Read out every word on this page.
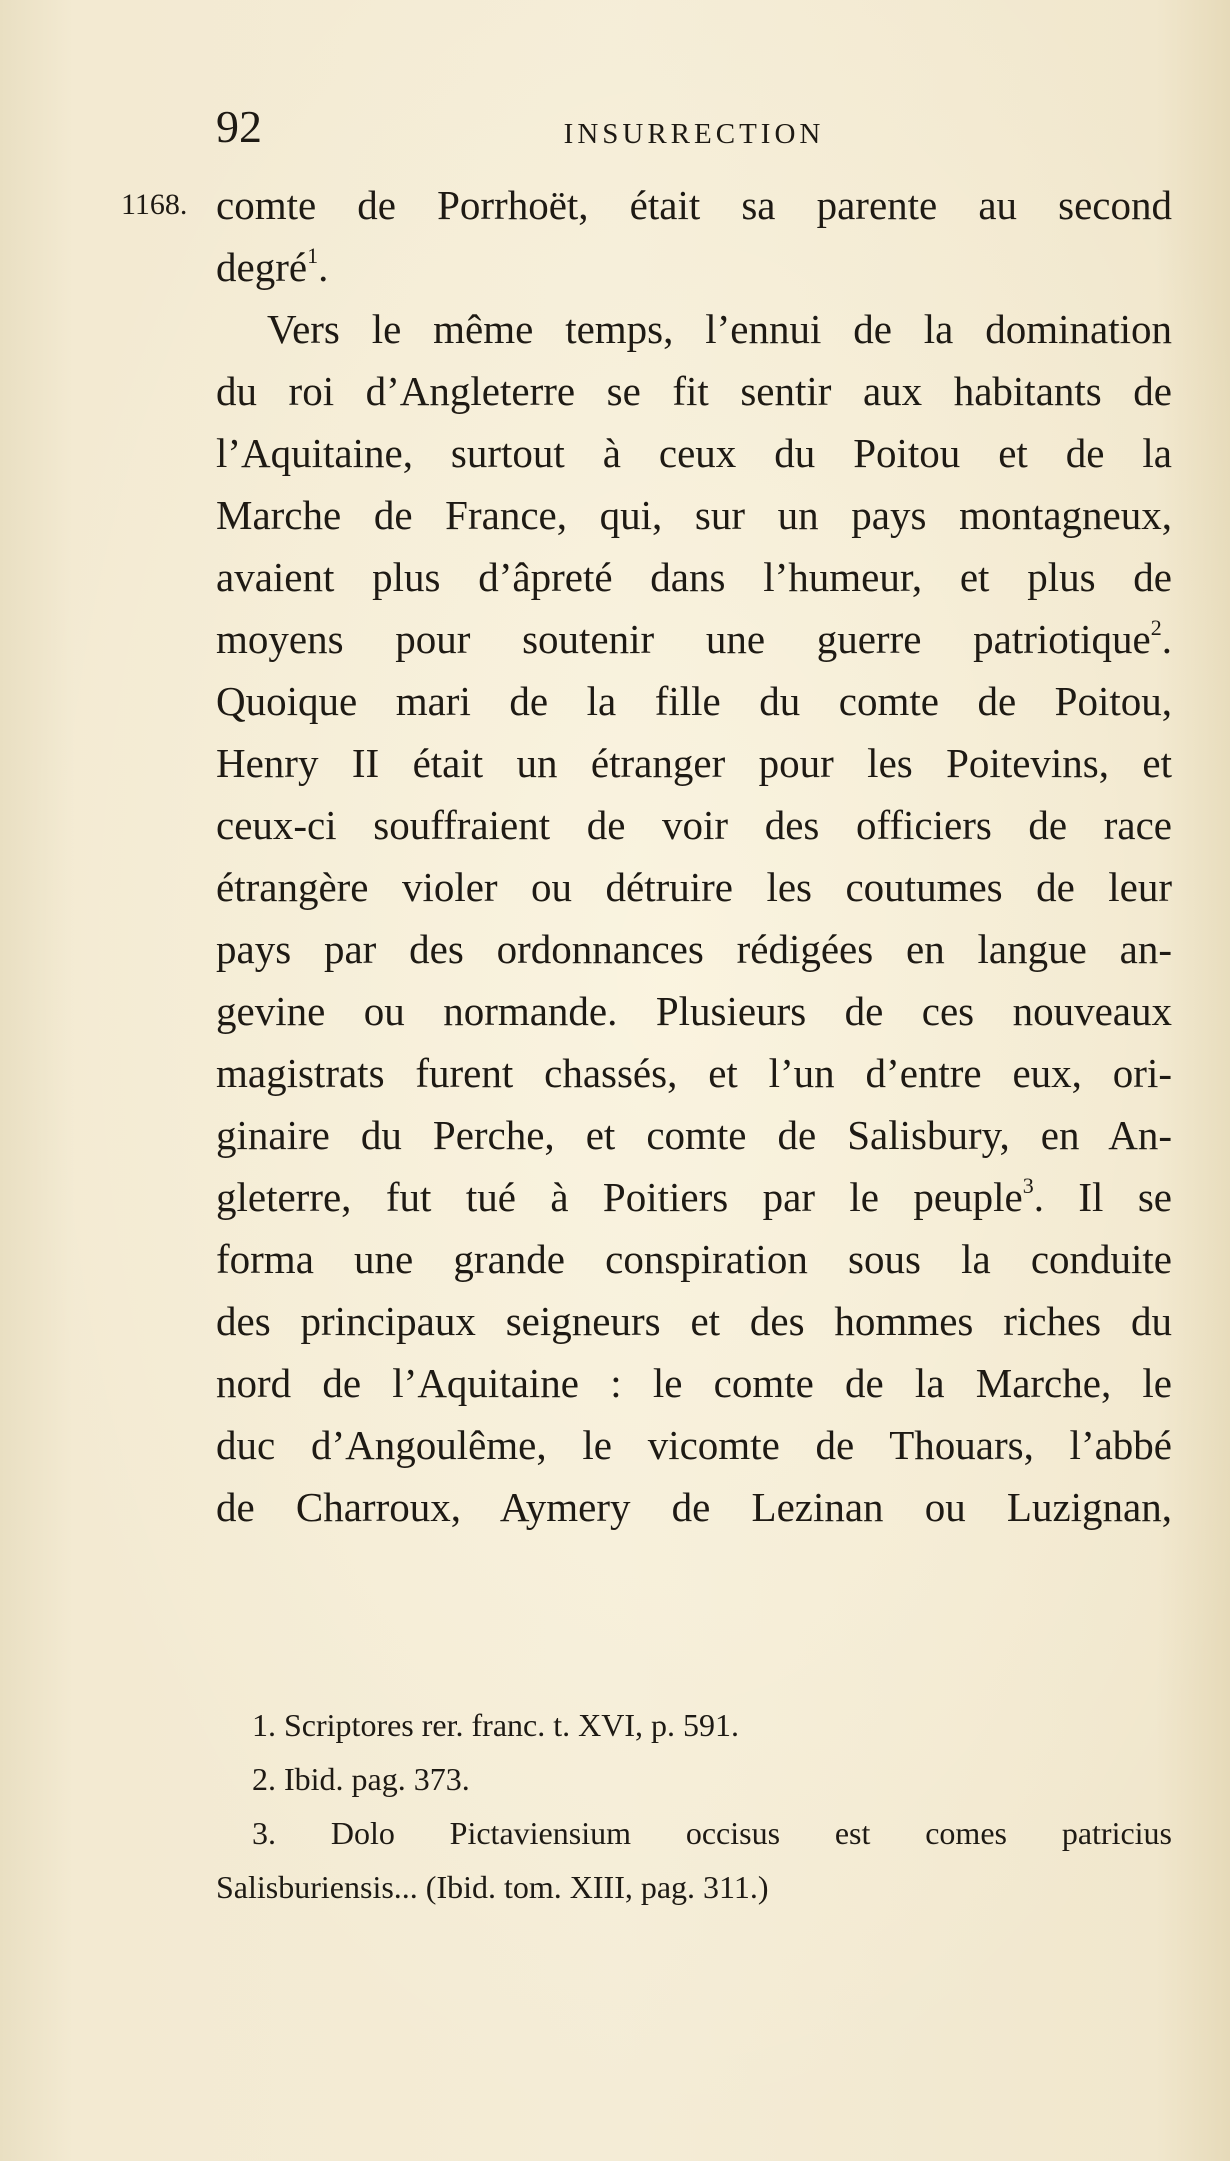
92	INSURRECTION
1168. comte de Porrhoët, était sa parente au second
degré$^1$.
Vers le même temps, l’ennui de la domination
du roi d’Angleterre se fit sentir aux habitants de
l’Aquitaine, surtout à ceux du Poitou et de la
Marche de France, qui, sur un pays montagneux,
avaient plus d’âpreté dans l’humeur, et plus de
moyens pour soutenir une guerre patriotique$^2$.
Quoique mari de la fille du comte de Poitou,
Henry II était un étranger pour les Poitevins, et
ceux-ci souffraient de voir des officiers de race
étrangère violer ou détruire les coutumes de leur
pays par des ordonnances rédigées en langue an-
gevine ou normande. Plusieurs de ces nouveaux
magistrats furent chassés, et l’un d’entre eux, ori-
ginaire du Perche, et comte de Salisbury, en An-
gleterre, fut tué à Poitiers par le peuple$^3$. Il se
forma une grande conspiration sous la conduite
des principaux seigneurs et des hommes riches du
nord de l’Aquitaine : le comte de la Marche, le
duc d’Angoulême, le vicomte de Thouars, l’abbé
de Charroux, Aymery de Lezinan ou Luzignan,
1. Scriptores rer. franc. t. XVI, p. 591.
2. Ibid. pag. 373.
3. Dolo Pictaviensium occisus est comes patricius
Salisburiensis... (Ibid. tom. XIII, pag. 311.)
